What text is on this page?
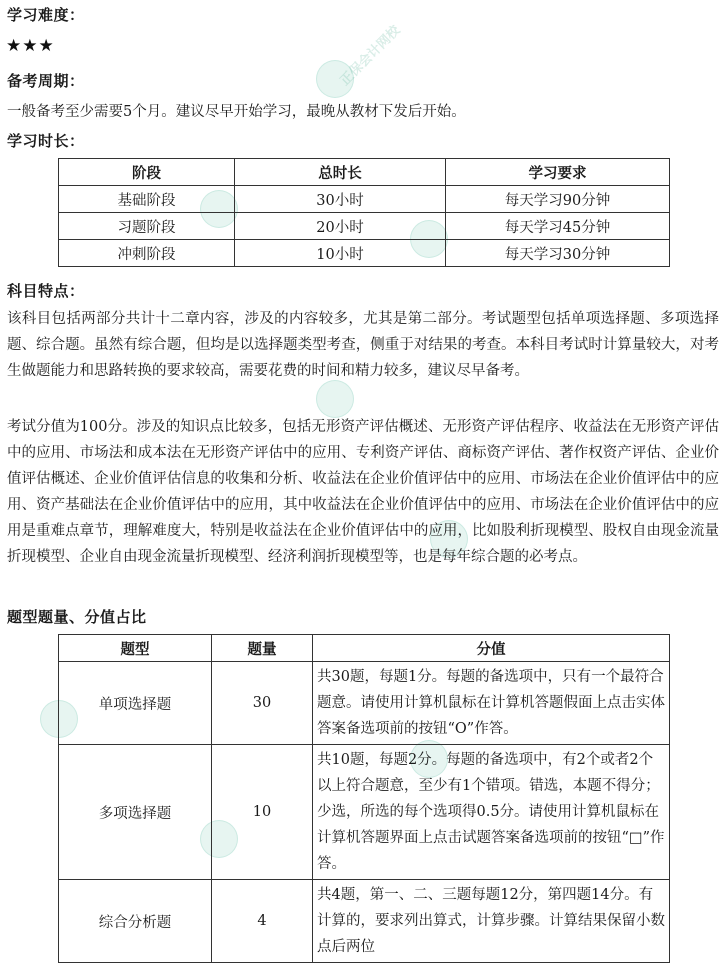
正保会计网校
学习难度：
★★★
备考周期：
一般备考至少需要5个月。建议尽早开始学习，最晚从教材下发后开始。
学习时长：
阶段	总时长	学习要求
基础阶段	30小时	每天学习90分钟
习题阶段	20小时	每天学习45分钟
冲刺阶段	10小时	每天学习30分钟
科目特点：
该科目包括两部分共计十二章内容，涉及的内容较多，尤其是第二部分。考试题型包括单项选择题、多项选择题、综合题。虽然有综合题，但均是以选择题类型考查，侧重于对结果的考查。本科目考试时计算量较大，对考生做题能力和思路转换的要求较高，需要花费的时间和精力较多，建议尽早备考。
考试分值为100分。涉及的知识点比较多，包括无形资产评估概述、无形资产评估程序、收益法在无形资产评估中的应用、市场法和成本法在无形资产评估中的应用、专利资产评估、商标资产评估、著作权资产评估、企业价值评估概述、企业价值评估信息的收集和分析、收益法在企业价值评估中的应用、市场法在企业价值评估中的应用、资产基础法在企业价值评估中的应用，其中收益法在企业价值评估中的应用、市场法在企业价值评估中的应用是重难点章节，理解难度大，特别是收益法在企业价值评估中的应用，比如股利折现模型、股权自由现金流量折现模型、企业自由现金流量折现模型、经济利润折现模型等，也是每年综合题的必考点。
题型题量、分值占比
题型	题量	分值
单项选择题	30	共30题，每题1分。每题的备选项中，只有一个最符合题意。请使用计算机鼠标在计算机答题假面上点击实体答案备选项前的按钮“O”作答。
多项选择题	10	共10题，每题2分。每题的备选项中，有2个或者2个以上符合题意，至少有1个错项。错选，本题不得分；少选，所选的每个选项得0.5分。请使用计算机鼠标在计算机答题界面上点击试题答案备选项前的按钮“□”作答。
综合分析题	4	共4题，第一、二、三题每题12分，第四题14分。有计算的，要求列出算式，计算步骤。计算结果保留小数点后两位
